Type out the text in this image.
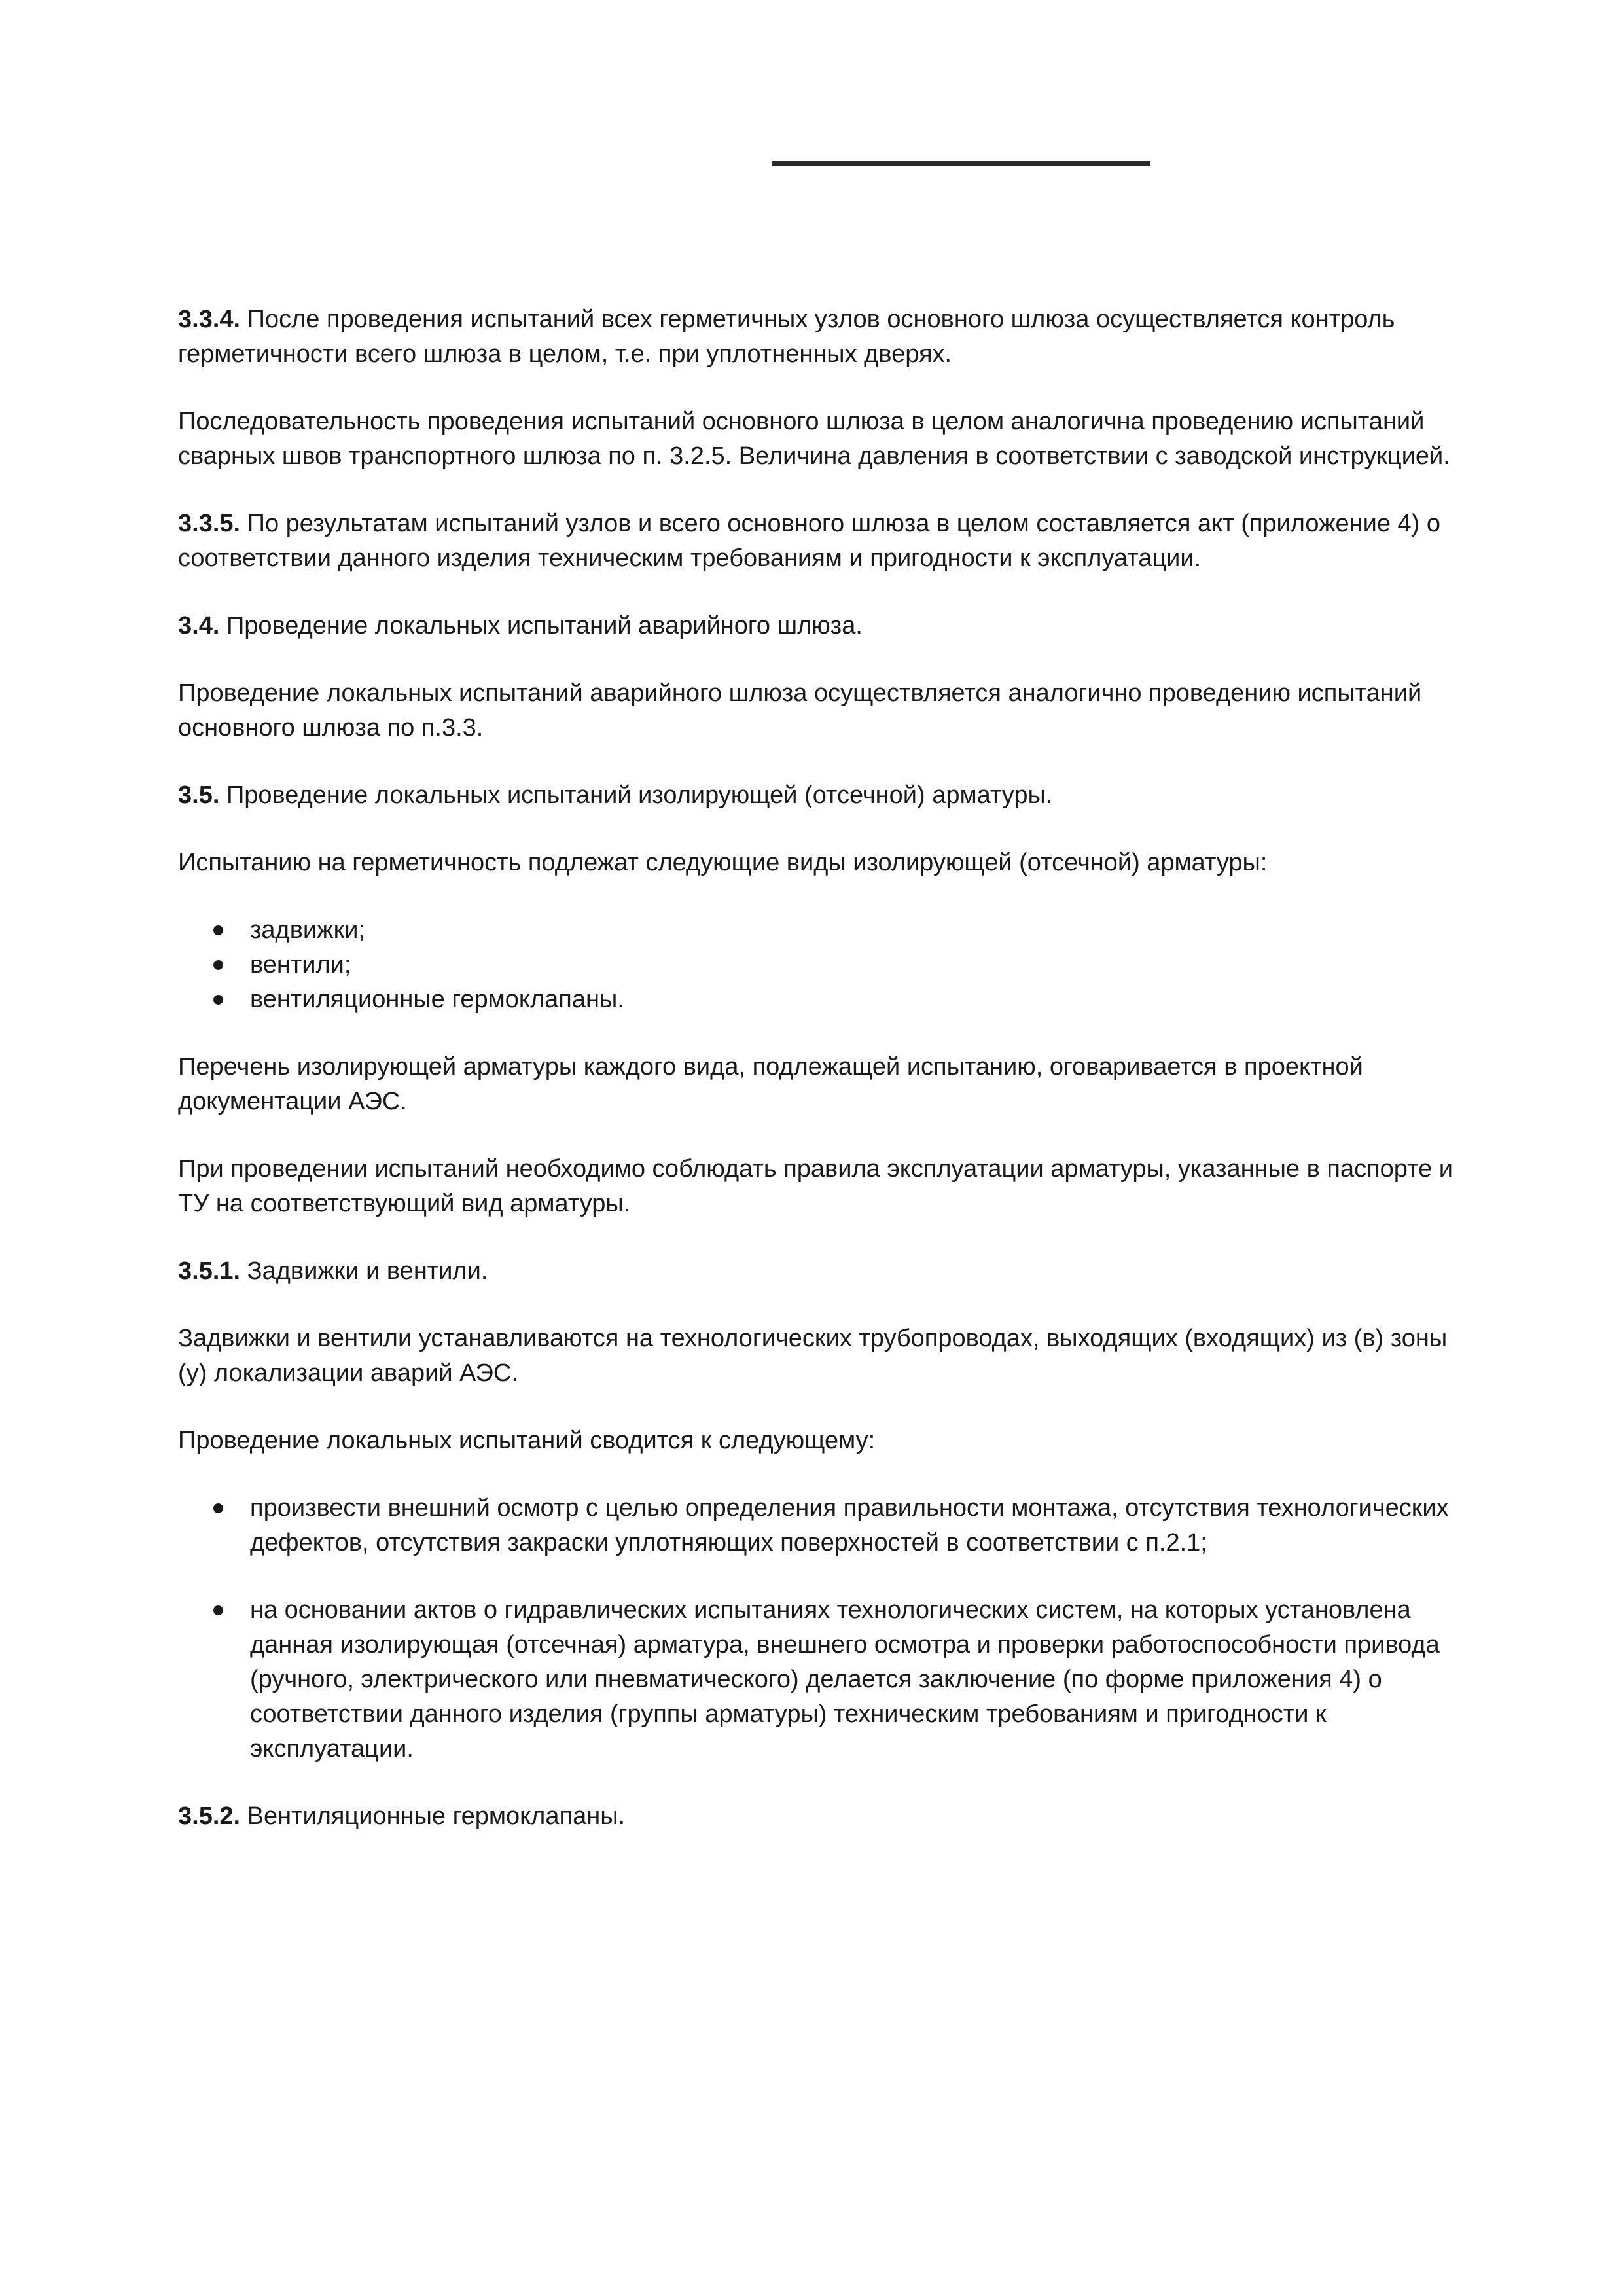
3.3.4. После проведения испытаний всех герметичных узлов основного шлюза осуществляется контроль герметичности всего шлюза в целом, т.е. при уплотненных дверях.

Последовательность проведения испытаний основного шлюза в целом аналогична проведению испытаний сварных швов транспортного шлюза по п. 3.2.5. Величина давления в соответствии с заводской инструкцией.

3.3.5. По результатам испытаний узлов и всего основного шлюза в целом составляется акт (приложение 4) о соответствии данного изделия техническим требованиям и пригодности к эксплуатации.

3.4. Проведение локальных испытаний аварийного шлюза.

Проведение локальных испытаний аварийного шлюза осуществляется аналогично проведению испытаний основного шлюза по п.3.3.

3.5. Проведение локальных испытаний изолирующей (отсечной) арматуры.

Испытанию на герметичность подлежат следующие виды изолирующей (отсечной) арматуры:

задвижки;
вентили;
вентиляционные гермоклапаны.

Перечень изолирующей арматуры каждого вида, подлежащей испытанию, оговаривается в проектной документации АЭС.

При проведении испытаний необходимо соблюдать правила эксплуатации арматуры, указанные в паспорте и ТУ на соответствующий вид арматуры.

3.5.1. Задвижки и вентили.

Задвижки и вентили устанавливаются на технологических трубопроводах, выходящих (входящих) из (в) зоны (у) локализации аварий АЭС.

Проведение локальных испытаний сводится к следующему:

произвести внешний осмотр с целью определения правильности монтажа, отсутствия технологических дефектов, отсутствия закраски уплотняющих поверхностей в соответствии с п.2.1;
на основании актов о гидравлических испытаниях технологических систем, на которых установлена данная изолирующая (отсечная) арматура, внешнего осмотра и проверки работоспособности привода (ручного, электрического или пневматического) делается заключение (по форме приложения 4) о соответствии данного изделия (группы арматуры) техническим требованиям и пригодности к эксплуатации.

3.5.2. Вентиляционные гермоклапаны.
